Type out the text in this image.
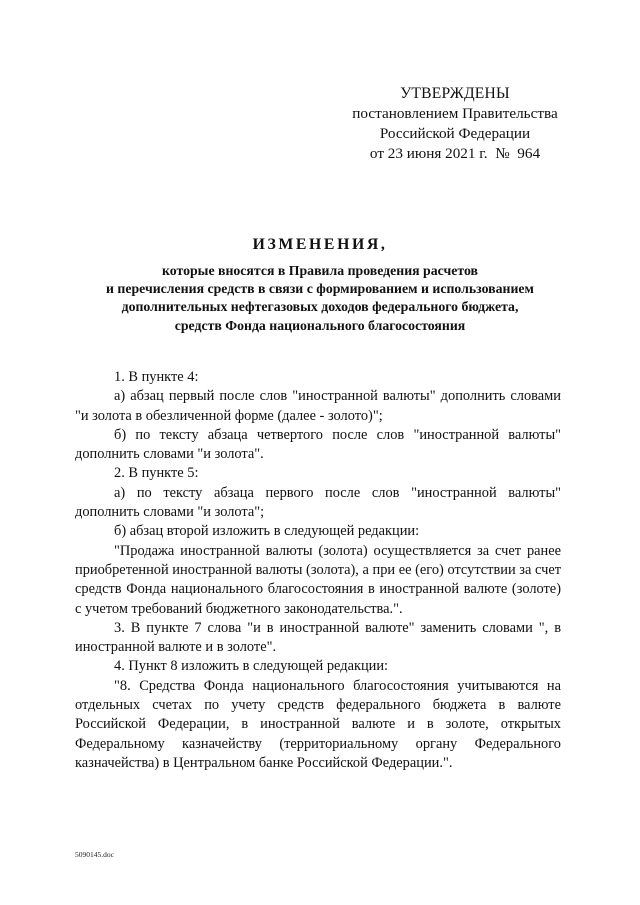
УТВЕРЖДЕНЫ
постановлением Правительства
Российской Федерации
от 23 июня 2021 г.  №  964
ИЗМЕНЕНИЯ,
которые вносятся в Правила проведения расчетов
и перечисления средств в связи с формированием и использованием
дополнительных нефтегазовых доходов федерального бюджета,
средств Фонда национального благосостояния

1. В пункте 4:

а) абзац первый после слов "иностранной валюты" дополнить словами "и золота в обезличенной форме (далее - золото)";

б) по тексту абзаца четвертого после слов "иностранной валюты" дополнить словами "и золота".

2. В пункте 5:

а) по тексту абзаца первого после слов "иностранной валюты" дополнить словами "и золота";

б) абзац второй изложить в следующей редакции:

"Продажа иностранной валюты (золота) осуществляется за счет ранее приобретенной иностранной валюты (золота), а при ее (его) отсутствии за счет средств Фонда национального благосостояния в иностранной валюте (золоте) с учетом требований бюджетного законодательства.".

3. В пункте 7 слова "и в иностранной валюте" заменить словами ", в иностранной валюте и в золоте".

4. Пункт 8 изложить в следующей редакции:

"8. Средства Фонда национального благосостояния учитываются на отдельных счетах по учету средств федерального бюджета в валюте Российской Федерации, в иностранной валюте и в золоте, открытых Федеральному казначейству (территориальному органу Федерального казначейства) в Центральном банке Российской Федерации.".

5090145.doc
